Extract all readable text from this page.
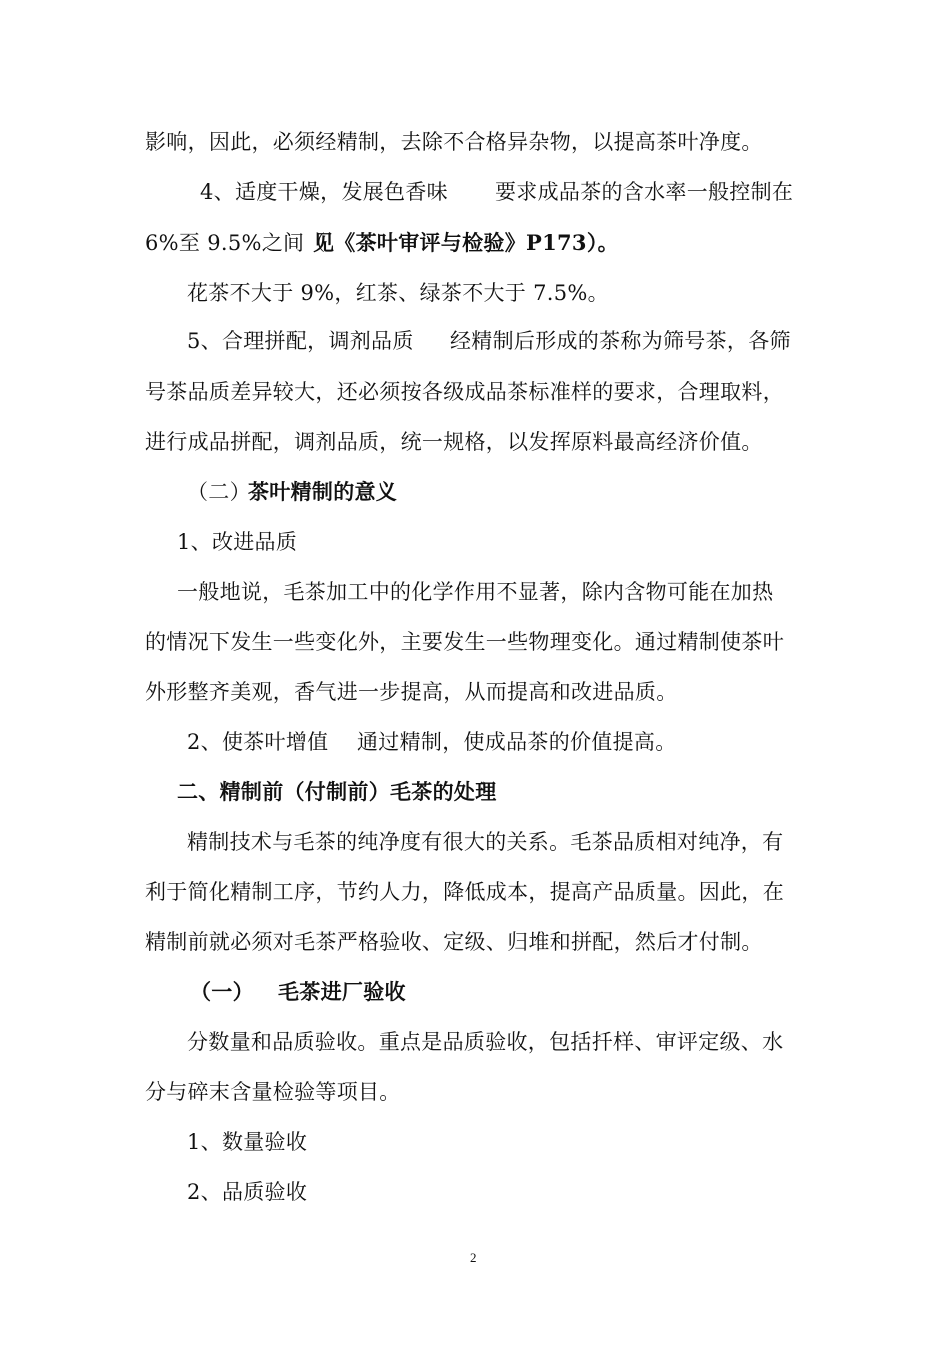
影响，因此，必须经精制，去除不合格异杂物，以提高茶叶净度。
4、适度干燥，发展色香味 要求成品茶的含水率一般控制在
6%至 9.5%之间（
见《茶叶审评与检验》P173）。
花茶不大于 9%，红茶、绿茶不大于 7.5%。
5、合理拼配，调剂品质 经精制后形成的茶称为筛号茶，各筛
号茶品质差异较大，还必须按各级成品茶标准样的要求，合理取料，
进行成品拼配，调剂品质，统一规格，以发挥原料最高经济价值。
（二）
茶叶精制的意义
1、改进品质
一般地说，毛茶加工中的化学作用不显著，除内含物可能在加热
的情况下发生一些变化外，主要发生一些物理变化。通过精制使茶叶
外形整齐美观，香气进一步提高，从而提高和改进品质。
2、使茶叶增值 通过精制，使成品茶的价值提高。
二、精制前（付制前）毛茶的处理
精制技术与毛茶的纯净度有很大的关系。毛茶品质相对纯净，有
利于简化精制工序，节约人力，降低成本，提高产品质量。因此，在
精制前就必须对毛茶严格验收、定级、归堆和拼配，然后才付制。
（一） 毛茶进厂验收
分数量和品质验收。重点是品质验收，包括扦样、审评定级、水
分与碎末含量检验等项目。
1、数量验收
2、品质验收
2
